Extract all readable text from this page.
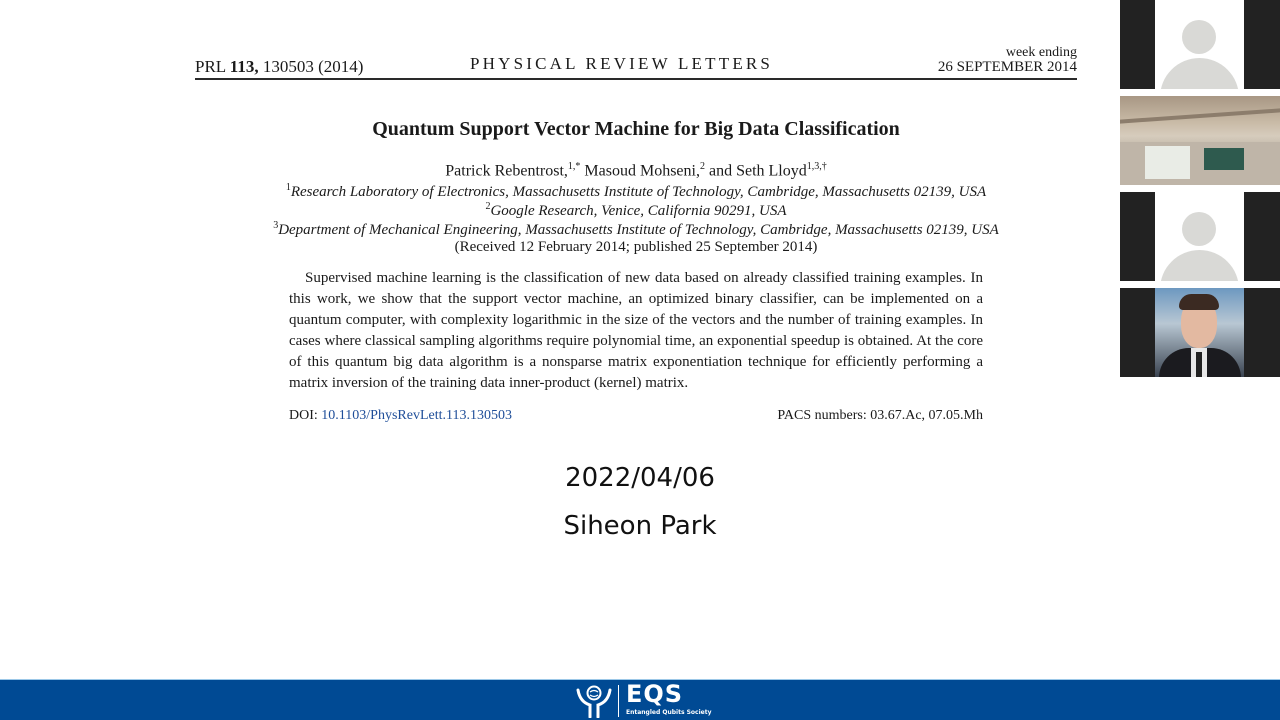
PRL 113, 130503 (2014)	PHYSICAL REVIEW LETTERS
week ending
26 SEPTEMBER 2014
Quantum Support Vector Machine for Big Data Classification
Patrick Rebentrost,$^{1,*}$ Masoud Mohseni,$^2$ and Seth Lloyd$^{1,3,\dagger}$
$^1$Research Laboratory of Electronics, Massachusetts Institute of Technology, Cambridge, Massachusetts 02139, USA
$^2$Google Research, Venice, California 90291, USA
$^3$Department of Mechanical Engineering, Massachusetts Institute of Technology, Cambridge, Massachusetts 02139, USA
(Received 12 February 2014; published 25 September 2014)
Supervised machine learning is the classification of new data based on already classified training examples. In this work, we show that the support vector machine, an optimized binary classifier, can be implemented on a quantum computer, with complexity logarithmic in the size of the vectors and the number of training examples. In cases where classical sampling algorithms require polynomial time, an exponential speedup is obtained. At the core of this quantum big data algorithm is a nonsparse matrix exponentiation technique for efficiently performing a matrix inversion of the training data inner-product (kernel) matrix.
DOI: 10.1103/PhysRevLett.113.130503	PACS numbers: 03.67.Ac, 07.05.Mh
2022/04/06
Siheon Park
EQS
Entangled Qubits Society
